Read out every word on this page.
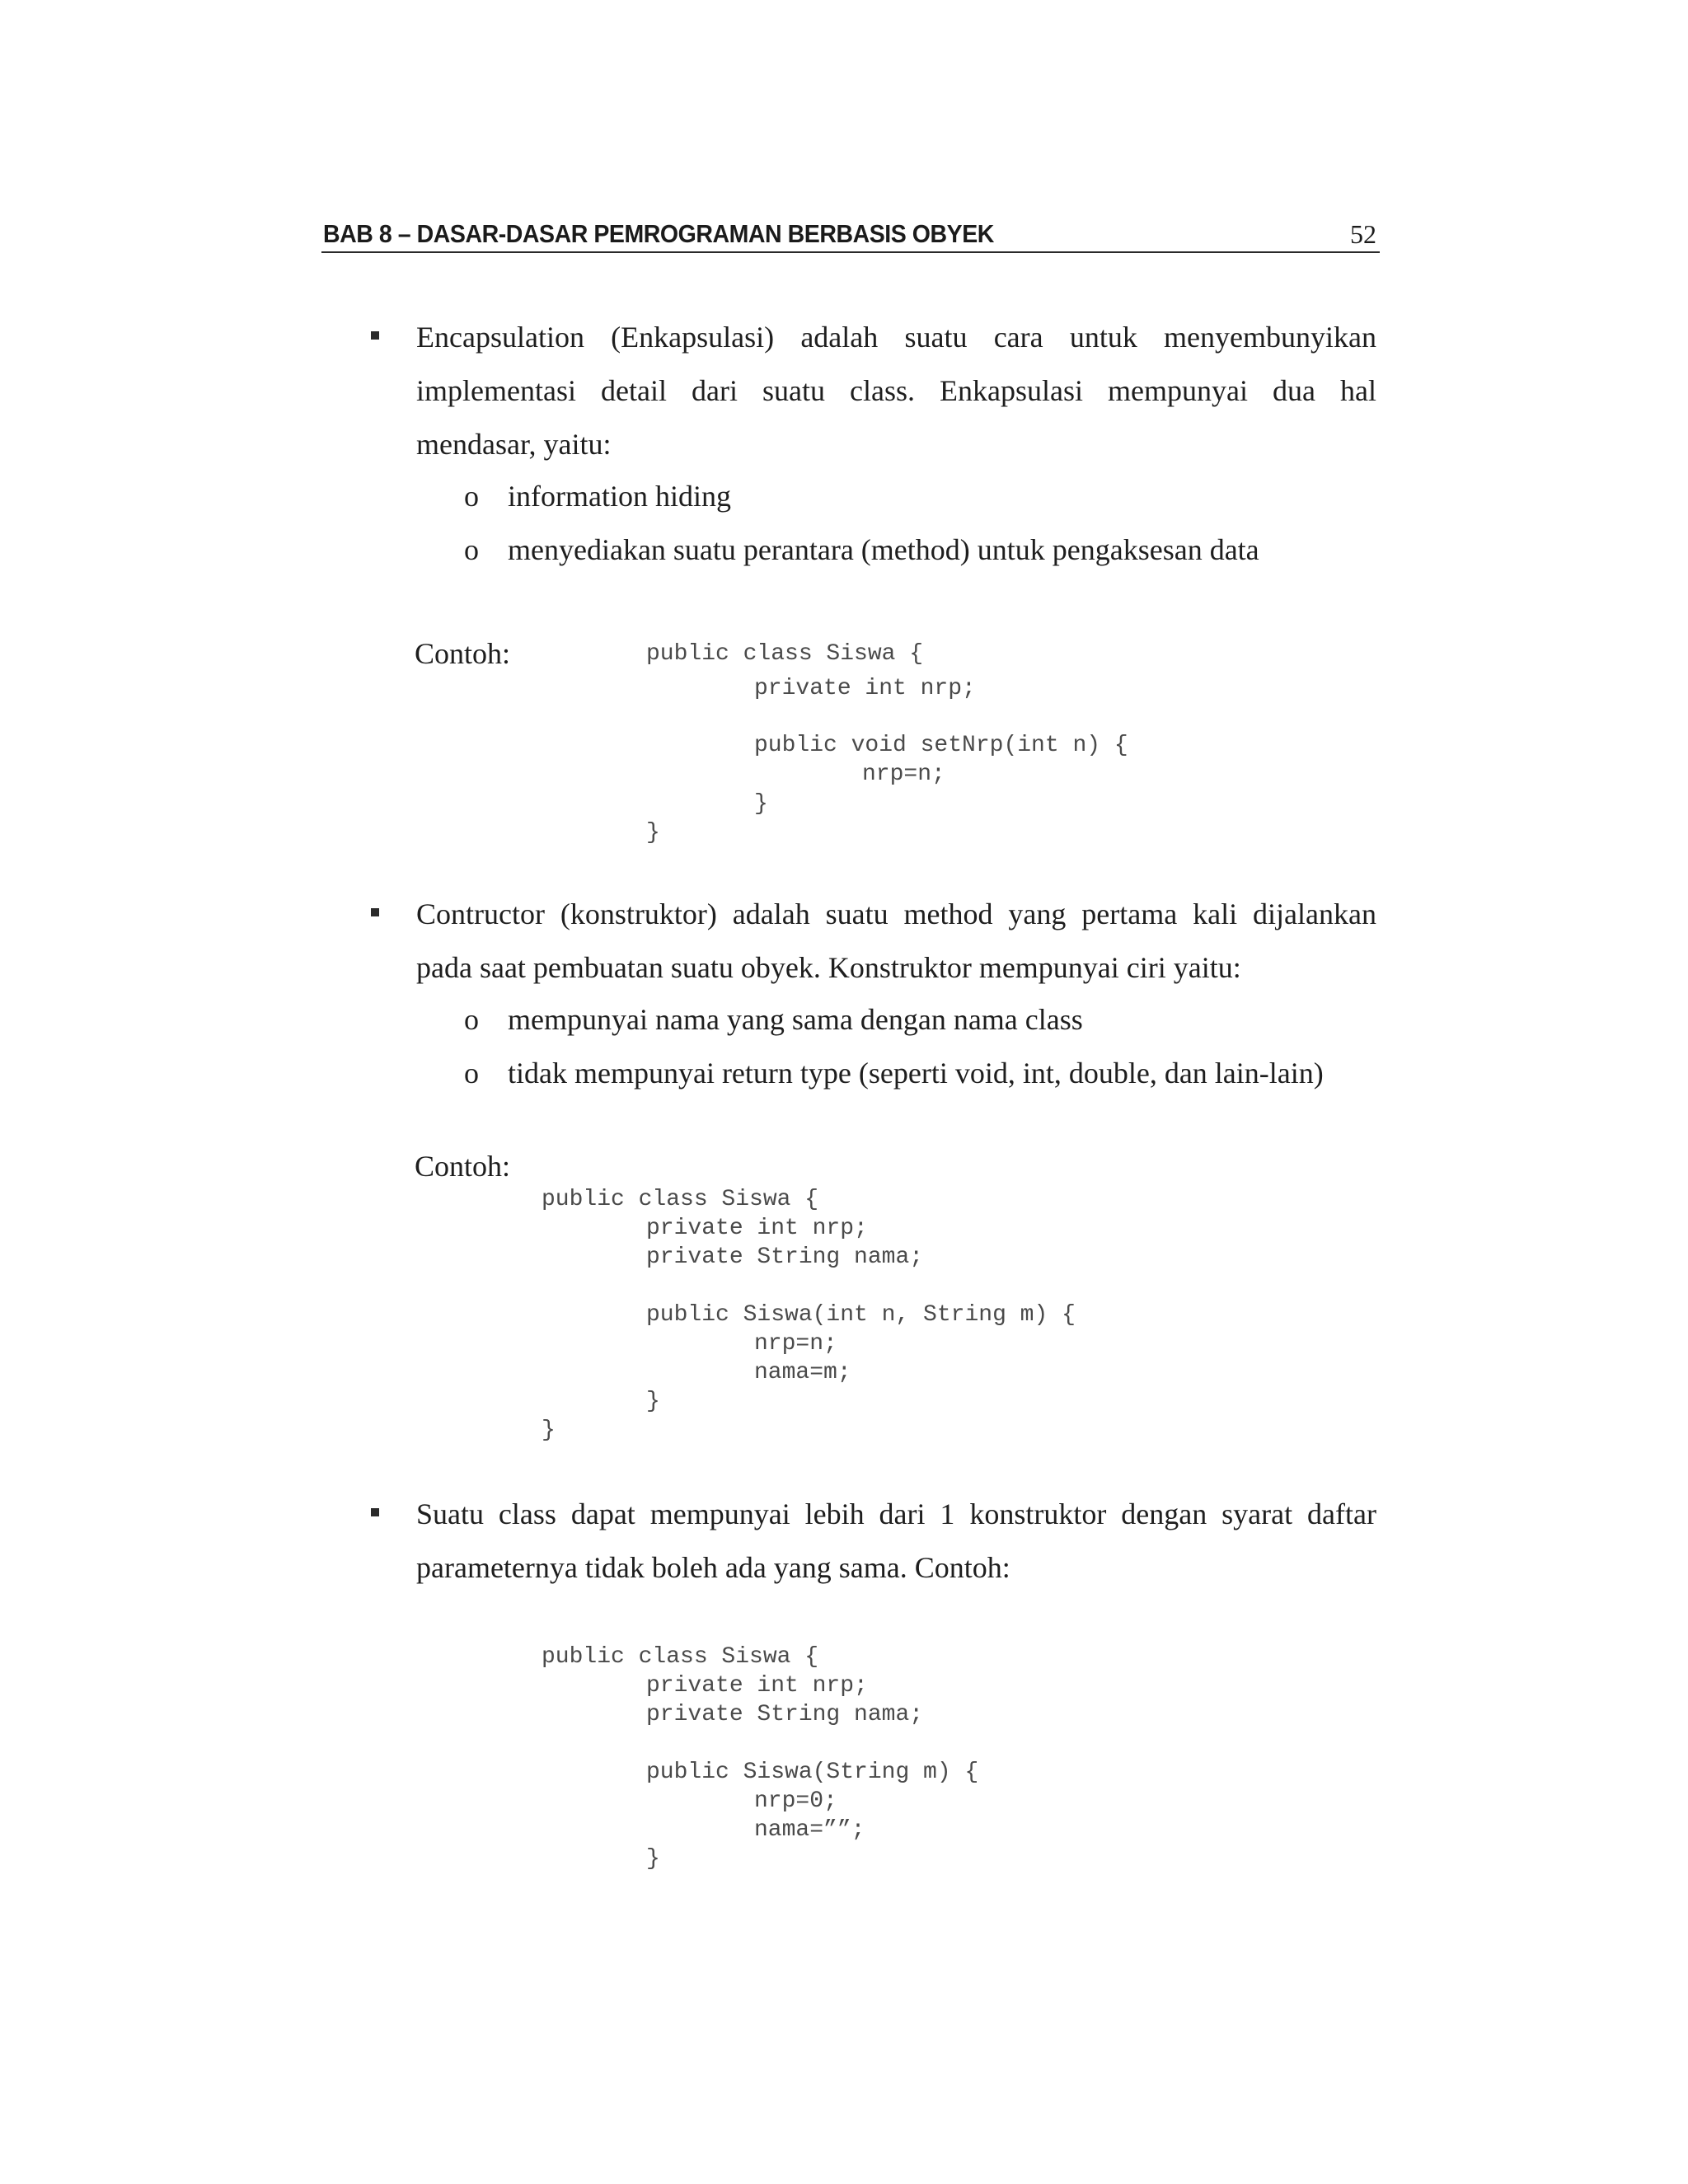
BAB 8 – DASAR-DASAR PEMROGRAMAN BERBASIS OBYEK	52
Encapsulation (Enkapsulasi) adalah suatu cara untuk menyembunyikan
implementasi detail dari suatu class. Enkapsulasi mempunyai dua hal
mendasar, yaitu:
o information hiding
o menyediakan suatu perantara (method) untuk pengaksesan data
Contoh:	public class Siswa {
private int nrp;
public void setNrp(int n) {
nrp=n;
}
}
Contructor (konstruktor) adalah suatu method yang pertama kali dijalankan
pada saat pembuatan suatu obyek. Konstruktor mempunyai ciri yaitu:
o mempunyai nama yang sama dengan nama class
o tidak mempunyai return type (seperti void, int, double, dan lain-lain)
Contoh:
public class Siswa {
private int nrp;
private String nama;
public Siswa(int n, String m) {
nrp=n;
nama=m;
}
}
Suatu class dapat mempunyai lebih dari 1 konstruktor dengan syarat daftar
parameternya tidak boleh ada yang sama. Contoh:
public class Siswa {
private int nrp;
private String nama;
public Siswa(String m) {
nrp=0;
nama=””;
}
